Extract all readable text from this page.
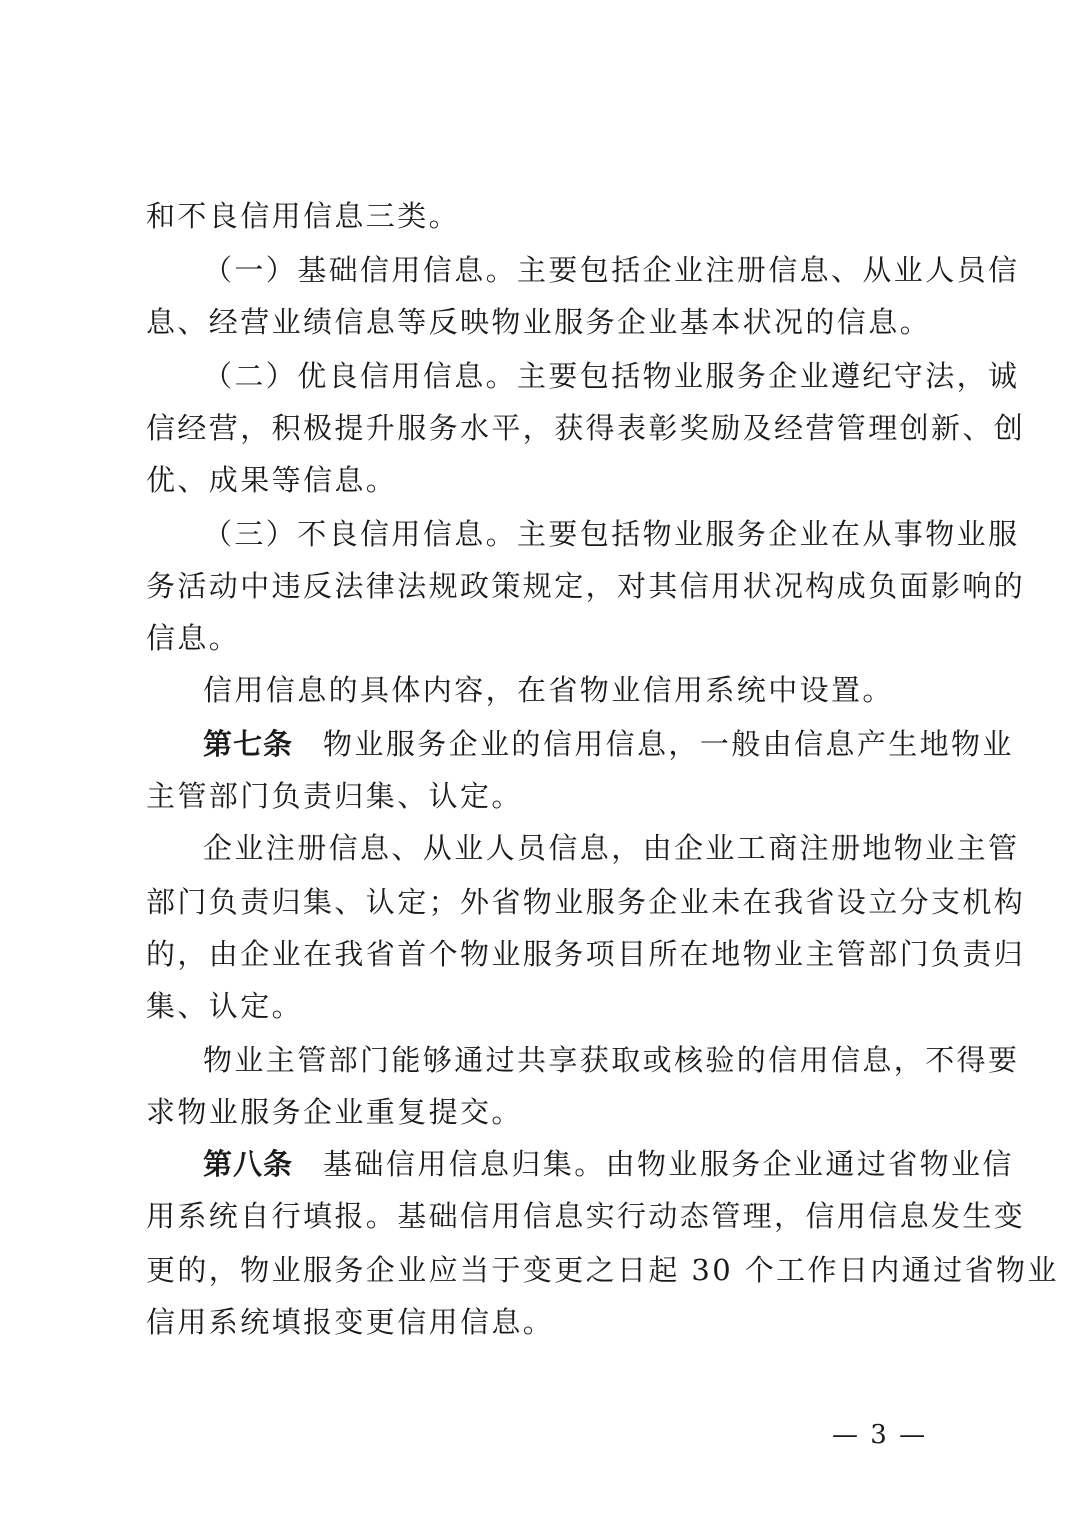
和不良信用信息三类。
（一）基础信用信息。主要包括企业注册信息、从业人员信
息、经营业绩信息等反映物业服务企业基本状况的信息。
（二）优良信用信息。主要包括物业服务企业遵纪守法，诚
信经营，积极提升服务水平，获得表彰奖励及经营管理创新、创
优、成果等信息。
（三）不良信用信息。主要包括物业服务企业在从事物业服
务活动中违反法律法规政策规定，对其信用状况构成负面影响的
信息。
信用信息的具体内容，在省物业信用系统中设置。
第七条 物业服务企业的信用信息，一般由信息产生地物业
主管部门负责归集、认定。
企业注册信息、从业人员信息，由企业工商注册地物业主管
部门负责归集、认定；外省物业服务企业未在我省设立分支机构
的，由企业在我省首个物业服务项目所在地物业主管部门负责归
集、认定。
物业主管部门能够通过共享获取或核验的信用信息，不得要
求物业服务企业重复提交。
第八条 基础信用信息归集。由物业服务企业通过省物业信
用系统自行填报。基础信用信息实行动态管理，信用信息发生变
更的，物业服务企业应当于变更之日起 30 个工作日内通过省物业
信用系统填报变更信用信息。
— 3 —
